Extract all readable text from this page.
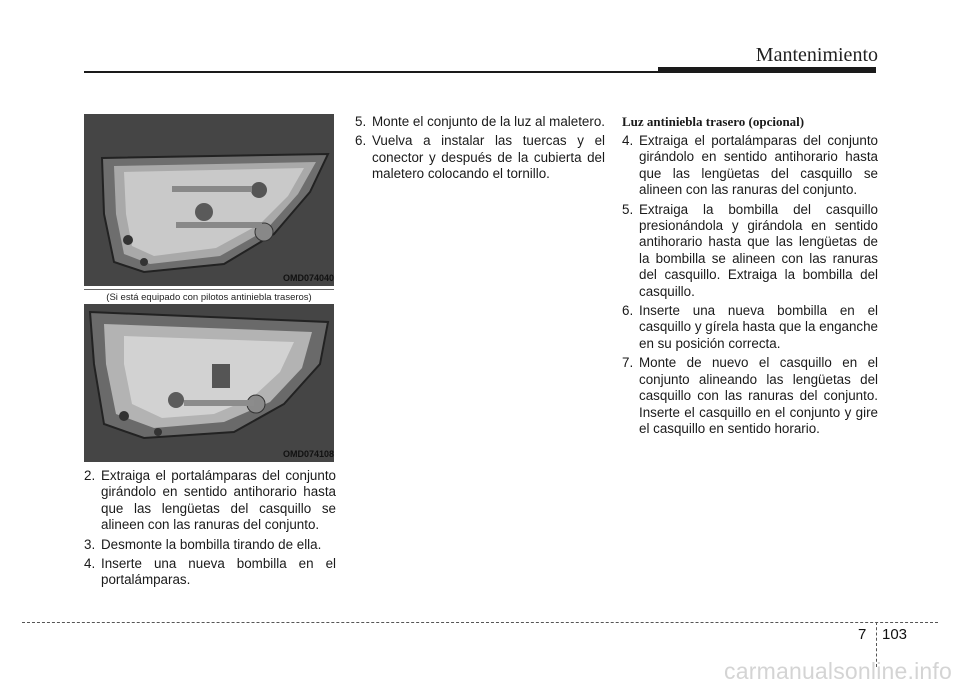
Mantenimiento
OMD074040
(Si está equipado con pilotos antiniebla traseros)
OMD074108
2. Extraiga el portalámparas del conjunto girándolo en sentido antihorario hasta que las lengüetas del casquillo se alineen con las ranuras del conjunto.
3. Desmonte la bombilla tirando de ella.
4. Inserte una nueva bombilla en el portalámparas.
5. Monte el conjunto de la luz al maletero.
6. Vuelva a instalar las tuercas y el conector y después de la cubierta del maletero colocando el tornillo.
Luz antiniebla trasero (opcional)
4. Extraiga el portalámparas del conjunto girándolo en sentido antihorario hasta que las lengüetas del casquillo se alineen con las ranuras del conjunto.
5. Extraiga la bombilla del casquillo presionándola y girándola en sentido antihorario hasta que las lengüetas de la bombilla se alineen con las ranuras del casquillo. Extraiga la bombilla del casquillo.
6. Inserte una nueva bombilla en el casquillo y gírela hasta que la enganche en su posición correcta.
7. Monte de nuevo el casquillo en el conjunto alineando las lengüetas del casquillo con las ranuras del conjunto. Inserte el casquillo en el conjunto y gire el casquillo en sentido horario.
7 103
carmanualsonline.info
